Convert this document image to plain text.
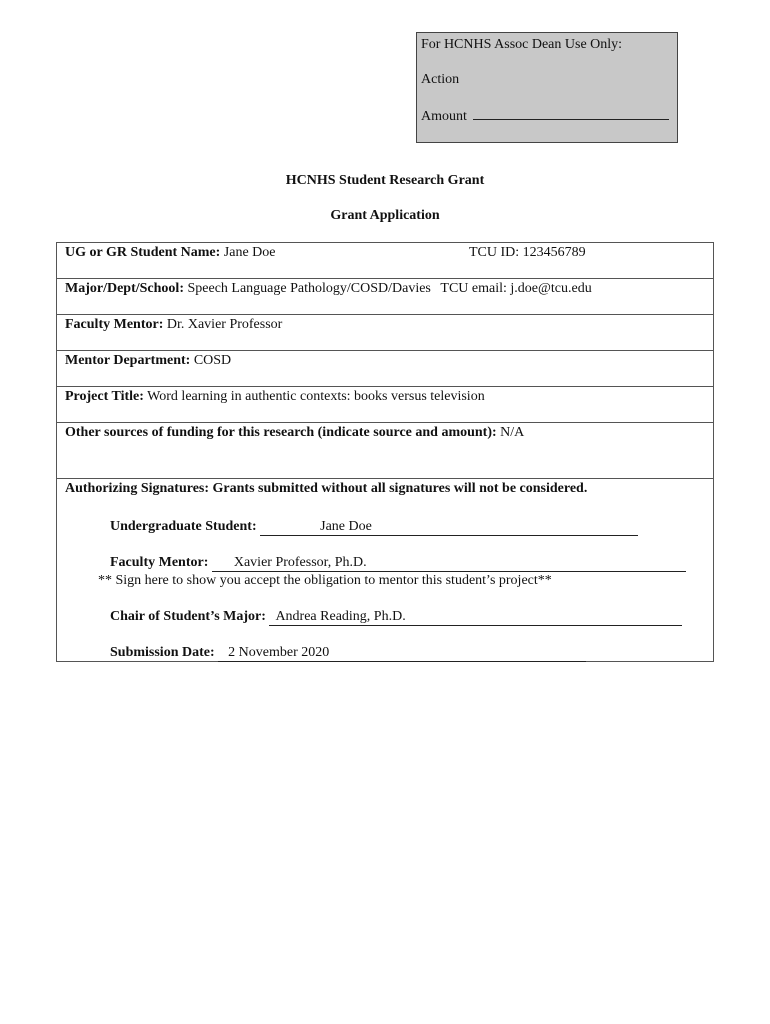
For HCNHS Assoc Dean Use Only:
Action
Amount
HCNHS Student Research Grant
Grant Application
UG or GR Student Name: Jane Doe	TCU ID: 123456789

Major/Dept/School: Speech Language Pathology/COSD/Davies TCU email: j.doe@tcu.edu
Faculty Mentor: Dr. Xavier Professor
Mentor Department: COSD
Project Title: Word learning in authentic contexts: books versus television
Other sources of funding for this research (indicate source and amount): N/A

Authorizing Signatures: Grants submitted without all signatures will not be considered.
Undergraduate Student:	Jane Doe
Faculty Mentor: Xavier Professor, Ph.D.
** Sign here to show you accept the obligation to mentor this student’s project**
Chair of Student’s Major: Andrea Reading, Ph.D.
Submission Date: 2 November 2020
